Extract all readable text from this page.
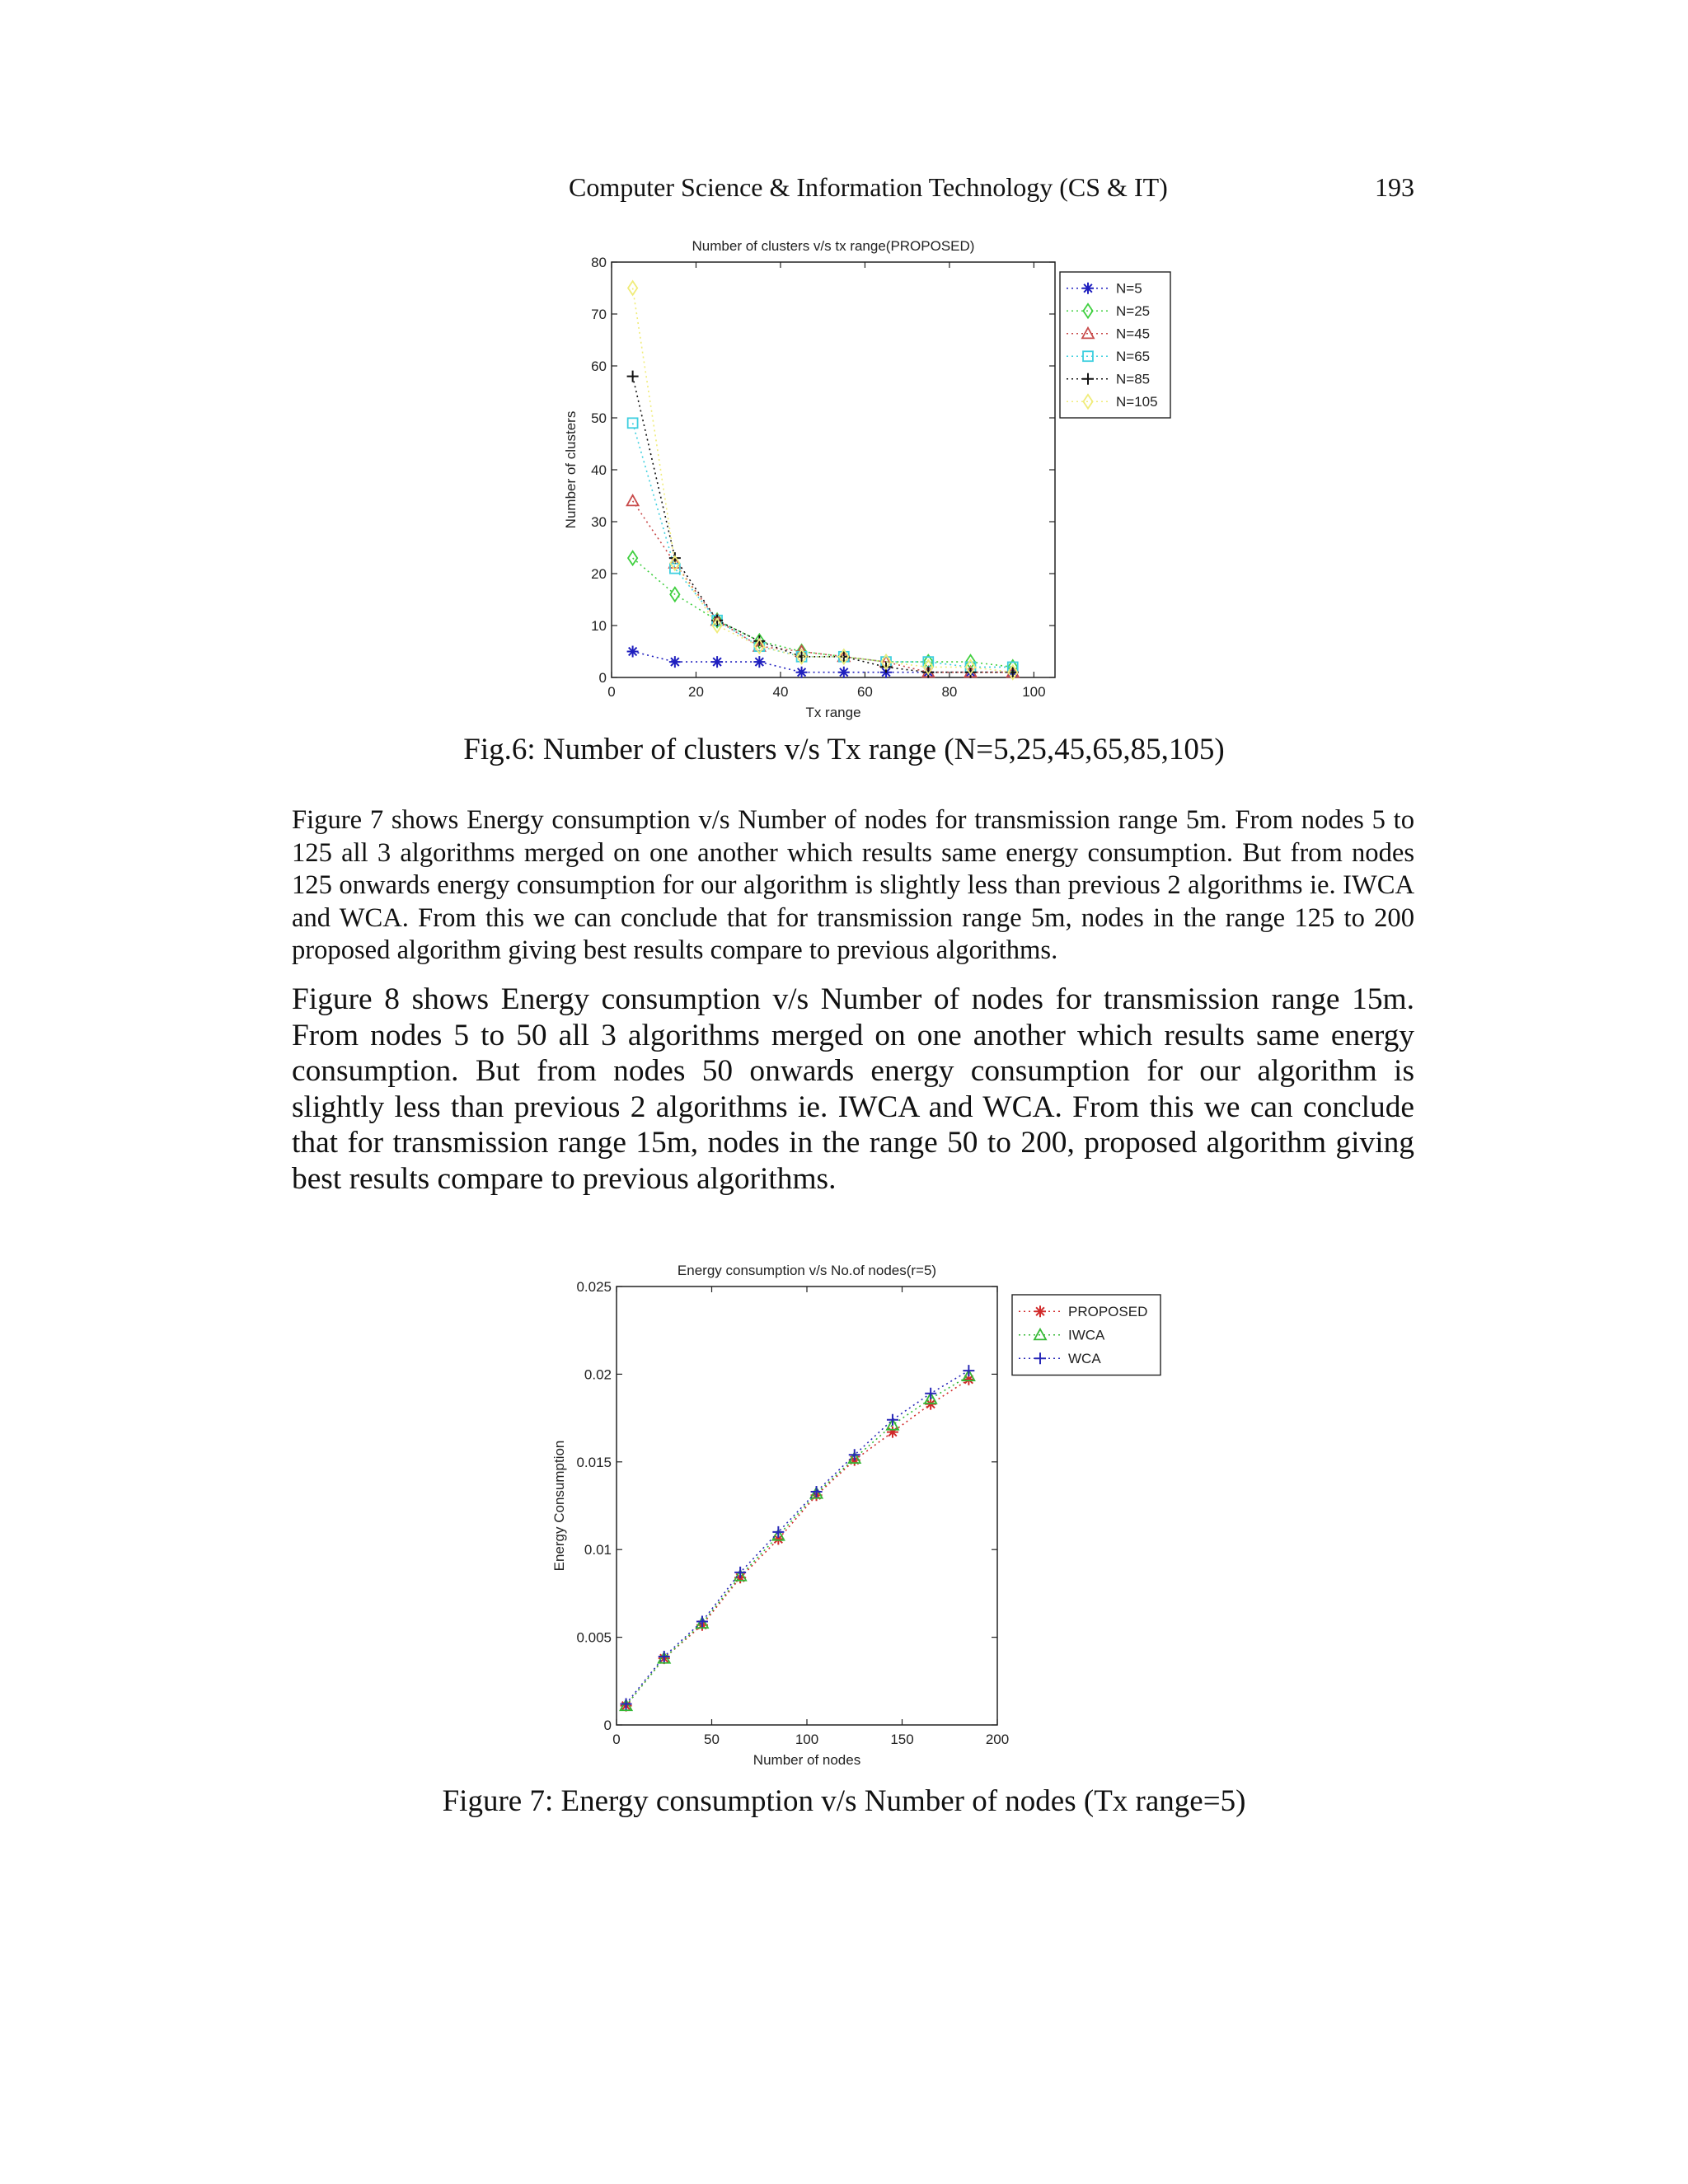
Computer Science & Information Technology (CS & IT)	193
Number of clusters v/s tx range(PROPOSED)
0	20	40	60	80	100
0
10
20
30
40
50
60
70
80
Tx range
Number of clusters
N=5
N=25
N=45
N=65
N=85
N=105
Fig.6: Number of clusters v/s Tx range (N=5,25,45,65,85,105)

Figure 7 shows Energy consumption v/s Number of nodes for transmission range 5m. From nodes 5 to 125 all 3 algorithms merged on one another which results same energy consumption. But from nodes 125 onwards energy consumption for our algorithm is slightly less than previous 2 algorithms ie. IWCA and WCA. From this we can conclude that for transmission range 5m, nodes in the range 125 to 200 proposed algorithm giving best results compare to previous algorithms.

Figure 8 shows Energy consumption v/s Number of nodes for transmission range 15m. From nodes 5 to 50 all 3 algorithms merged on one another which results same energy consumption. But from nodes 50 onwards energy consumption for our algorithm is slightly less than previous 2 algorithms ie. IWCA and WCA. From this we can conclude that for transmission range 15m, nodes in the range 50 to 200, proposed algorithm giving best results compare to previous algorithms.

Energy consumption v/s No.of nodes(r=5)
0	50	100	150	200
0
0.005
0.01
0.015
0.02
0.025
Number of nodes
Energy Consumption
PROPOSED
IWCA
WCA
Figure 7: Energy consumption v/s Number of nodes (Tx range=5)
